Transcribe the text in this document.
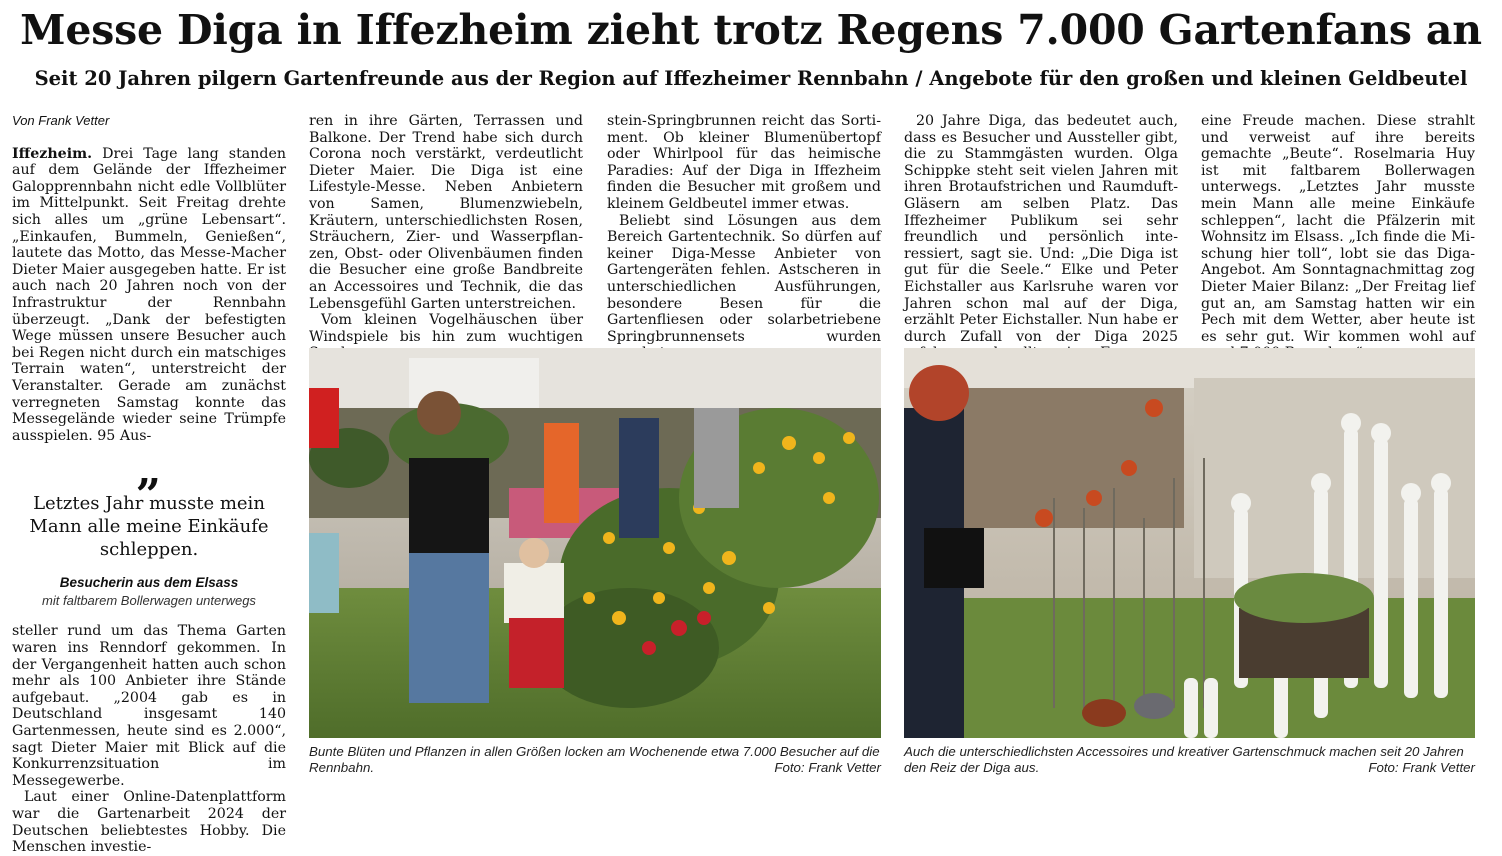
Messe Diga in Iffezheim zieht trotz Regens 7.000 Gartenfans an
Seit 20 Jahren pilgern Gartenfreunde aus der Region auf Iffezheimer Rennbahn / Angebote für den großen und kleinen Geldbeutel

Von Frank Vetter

Iffezheim. Drei Tage lang standen auf dem Gelände der Iffezheimer Galopprennbahn nicht edle Vollblüter im Mittelpunkt. Seit Freitag drehte sich alles um „grüne Lebensart“. „Einkaufen, Bummeln, Genießen“, lautete das Motto, das Messe-Macher Dieter Maier ausgegeben hatte. Er ist auch nach 20 Jahren noch von der Infrastruktur der Rennbahn überzeugt. „Dank der befestigten Wege müssen unsere Besucher auch bei Regen nicht durch ein matschiges Terrain waten“, unterstreicht der Veranstalter. Gerade am zunächst verregneten Samstag konnte das Messegelände wieder seine Trümpfe ausspielen. 95 Aus-

„
Letztes Jahr musste mein Mann alle meine Einkäufe schleppen.
Besucherin aus dem Elsass
mit faltbarem Bollerwagen unterwegs

steller rund um das Thema Garten waren ins Renndorf gekommen. In der Vergangenheit hatten auch schon mehr als 100 Anbieter ihre Stände aufgebaut. „2004 gab es in Deutschland insgesamt 140 Gartenmessen, heute sind es 2.000“, sagt Dieter Maier mit Blick auf die Konkurrenzsituation im Messegewerbe.

Laut einer Online-Datenplattform war die Gartenarbeit 2024 der Deutschen beliebtestes Hobby. Die Menschen investie-

ren in ihre Gärten, Terrassen und Balkone. Der Trend habe sich durch Corona noch verstärkt, verdeutlicht Dieter Maier. Die Diga ist eine Lifestyle-Messe. Neben Anbietern von Samen, Blumenzwiebeln, Kräutern, unterschiedlichsten Rosen, Sträuchern, Zier- und Wasserpflanzen, Obst- oder Olivenbäumen finden die Besucher eine große Bandbreite an Accessoires und Technik, die das Lebensgefühl Garten unterstreichen.

Vom kleinen Vogelhäuschen über Windspiele bis hin zum wuchtigen

stein-Springbrunnen reicht das Sortiment. Ob kleiner Blumenübertopf oder Whirlpool für das heimische Paradies: Auf der Diga in Iffezheim finden die Besucher mit großem und kleinem Geldbeutel immer etwas.

Beliebt sind Lösungen aus dem Bereich Gartentechnik. So dürfen auf keiner Diga-Messe Anbieter von Gartengeräten fehlen. Astscheren in unterschiedlichen Ausführungen, besondere Besen für die Gartenfliesen oder solarbetriebene Springbrunnensets wurden

20 Jahre Diga, das bedeutet auch, dass es Besucher und Aussteller gibt, die zu Stammgästen wurden. Olga Schippke steht seit vielen Jahren mit ihren Brotaufstrichen und Raumduft-Gläsern am selben Platz. Das Iffezheimer Publikum sei sehr freundlich und persönlich interessiert, sagt sie. Und: „Die Diga ist gut für die Seele.“ Elke und Peter Eichstaller aus Karlsruhe waren vor Jahren schon mal auf der Diga, erzählt Peter Eichstaller. Nun habe er durch Zufall von der Diga 2025

eine Freude machen. Diese strahlt und verweist auf ihre bereits gemachte „Beute“. Roselmaria Huy ist mit faltbarem Bollerwagen unterwegs. „Letztes Jahr musste mein Mann alle meine Einkäufe schleppen“, lacht die Pfälzerin mit Wohnsitz im Elsass. „Ich finde die Mischung hier toll“, lobt sie das Diga-Angebot. Am Sonntagnachmittag zog Dieter Maier Bilanz: „Der Freitag lief gut an, am Samstag hatten wir ein Pech mit dem Wetter, aber heute ist es sehr gut. Wir kommen wohl auf

Bunte Blüten und Pflanzen in allen Größen locken am Wochenende etwa 7.000 Besucher auf die Rennbahn.	Foto: Frank Vetter
Auch die unterschiedlichsten Accessoires und kreativer Gartenschmuck machen seit 20 Jahren den Reiz der Diga aus.	Foto: Frank Vetter
